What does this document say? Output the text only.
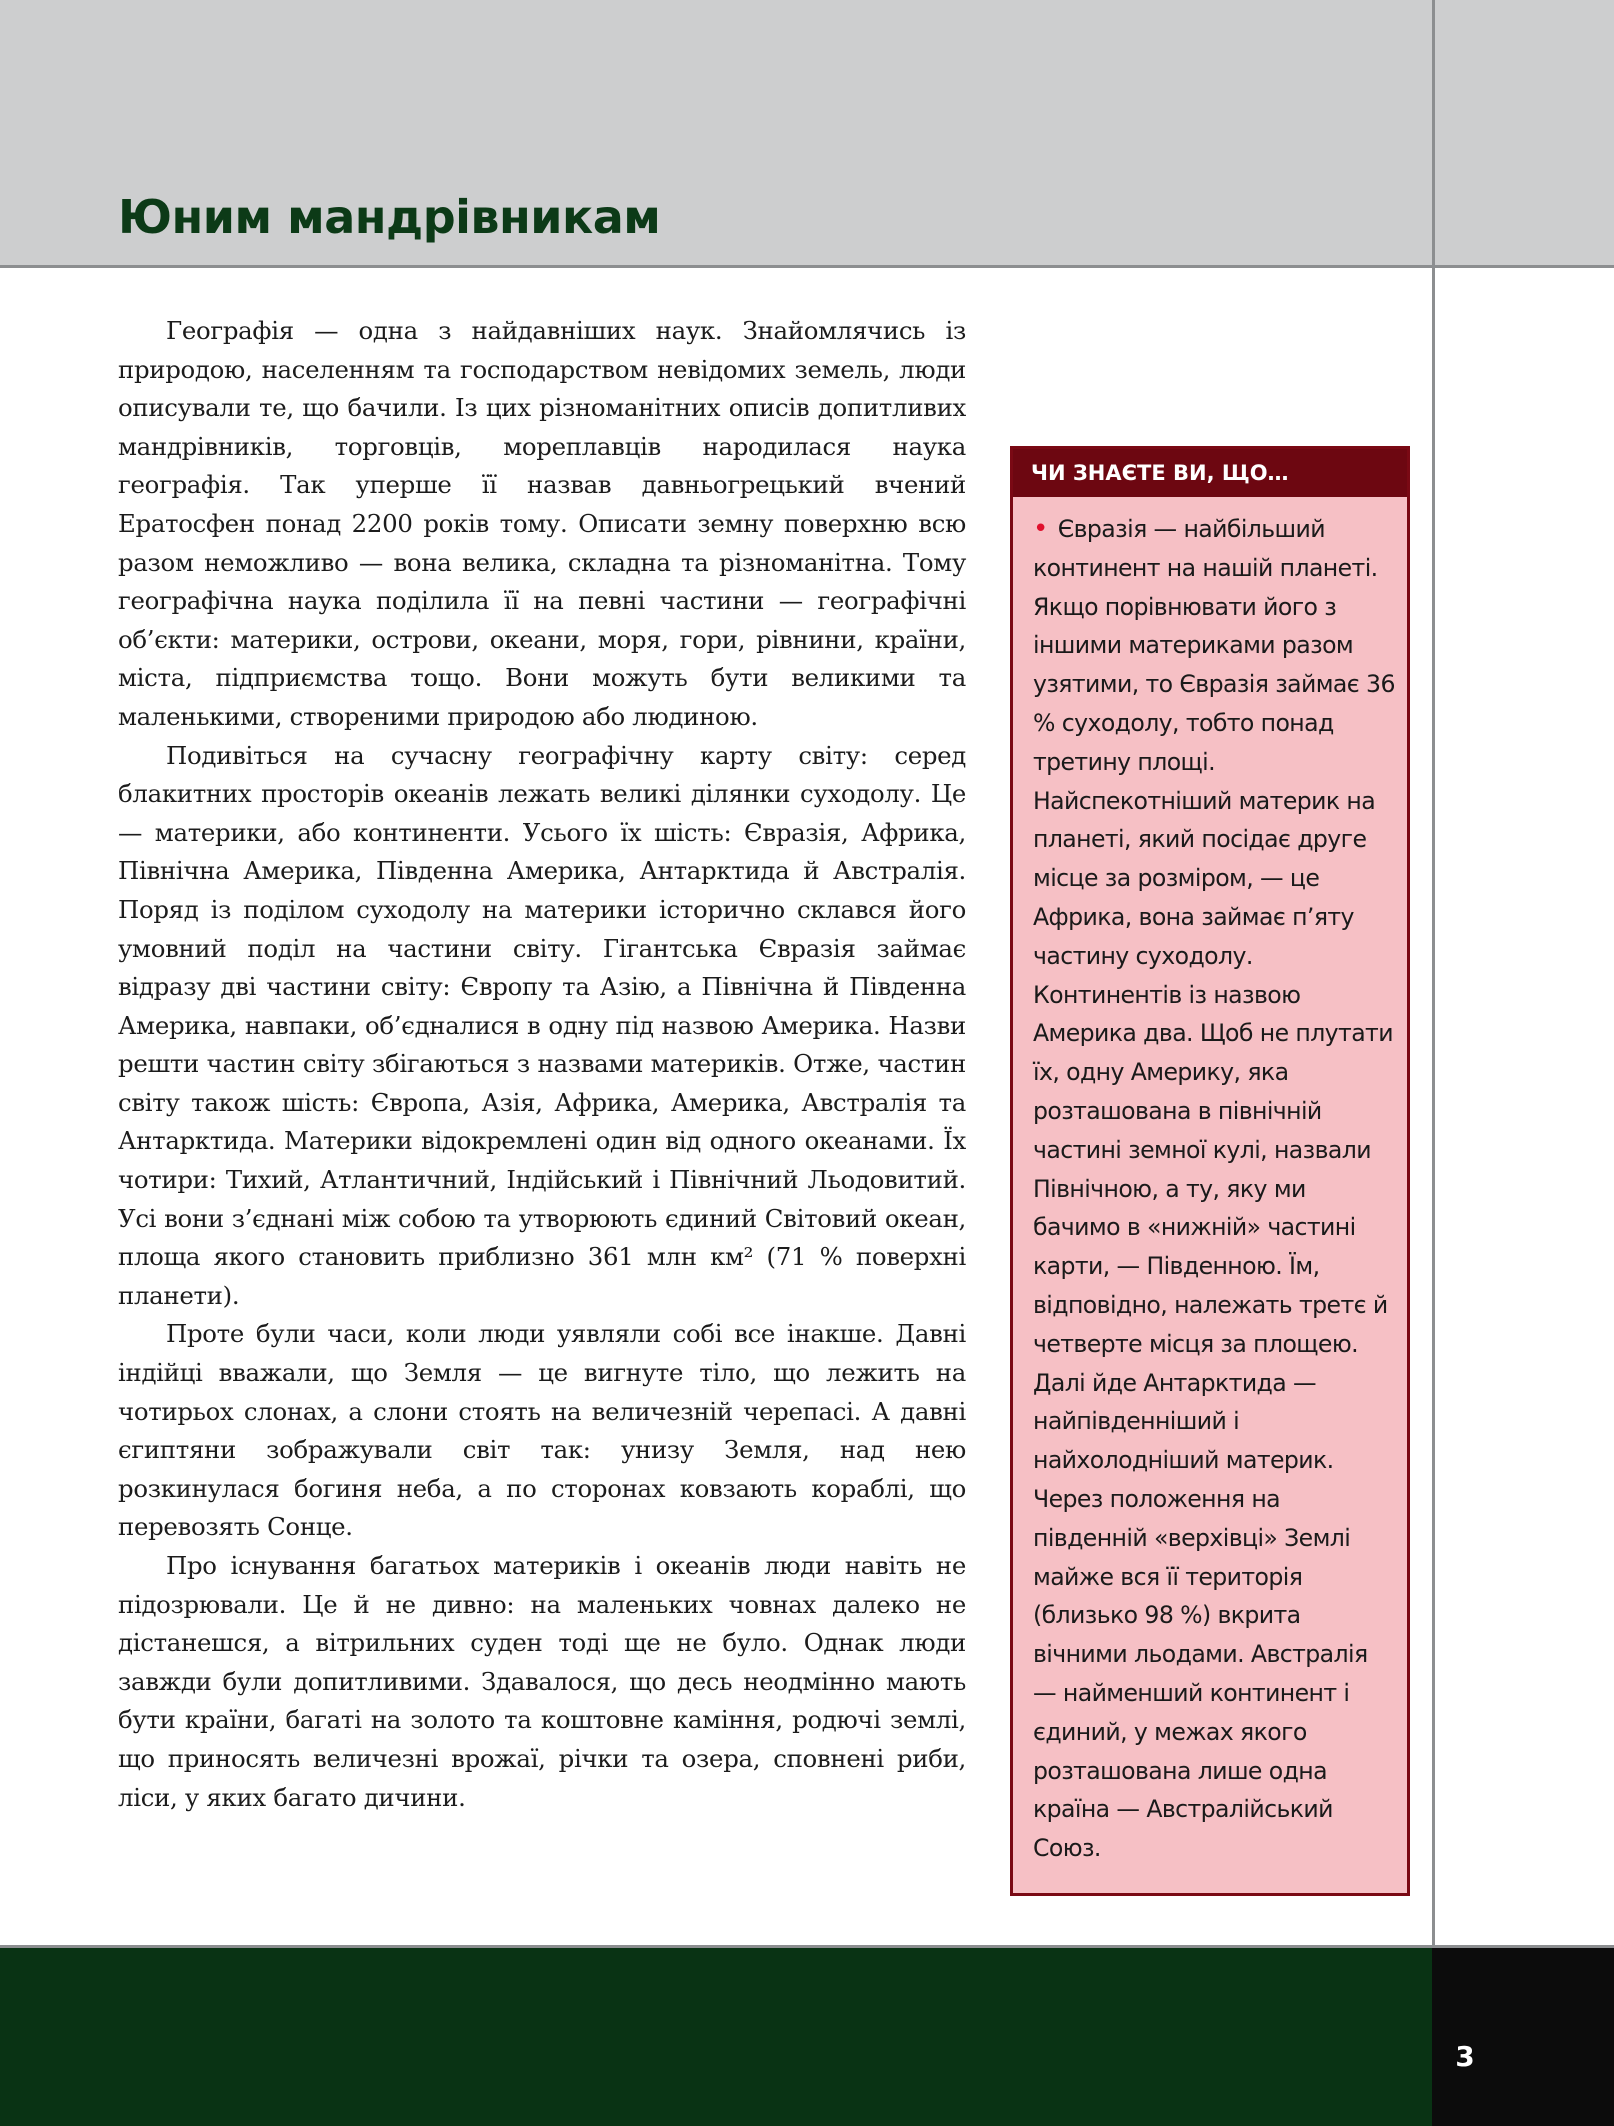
Юним мандрівникам

Географія — одна з найдавніших наук. Знайомлячись із природою, населенням та господарством невідомих земель, люди описували те, що бачили. Із цих різноманітних описів допитливих мандрівників, торговців, мореплавців народилася наука географія. Так уперше її назвав давньогрецький вчений Ератосфен понад 2200 років тому. Описати земну поверхню всю разом неможливо — вона велика, складна та різноманітна. Тому географічна наука поділила її на певні частини — географічні об’єкти: материки, острови, океани, моря, гори, рівнини, країни, міста, підприємства тощо. Вони можуть бути великими та маленькими, створеними природою або людиною.

Подивіться на сучасну географічну карту світу: серед блакитних просторів океанів лежать великі ділянки суходолу. Це — материки, або континенти. Усього їх шість: Євразія, Африка, Північна Америка, Південна Америка, Антарктида й Австралія. Поряд із поділом суходолу на материки історично склався його умовний поділ на частини світу. Гігантська Євразія займає відразу дві частини світу: Європу та Азію, а Північна й Південна Америка, навпаки, об’єдналися в одну під назвою Америка. Назви решти частин світу збігаються з назвами материків. Отже, частин світу також шість: Європа, Азія, Африка, Америка, Австралія та Антарктида. Материки відокремлені один від одного океанами. Їх чотири: Тихий, Атлантичний, Індійський і Північний Льодовитий. Усі вони з’єднані між собою та утворюють єдиний Світовий океан, площа якого становить приблизно 361 млн км² (71 % поверхні планети).

Проте були часи, коли люди уявляли собі все інакше. Давні індійці вважали, що Земля — це вигнуте тіло, що лежить на чотирьох слонах, а слони стоять на величезній черепасі. А давні єгиптяни зображували світ так: унизу Земля, над нею розкинулася богиня неба, а по сторонах ковзають кораблі, що перевозять Сонце.

Про існування багатьох материків і океанів люди навіть не підозрювали. Це й не дивно: на маленьких човнах далеко не дістанешся, а вітрильних суден тоді ще не було. Однак люди завжди були допитливими. Здавалося, що десь неодмінно мають бути країни, багаті на золото та коштовне каміння, родючі землі, що приносять величезні врожаї, річки та озера, сповнені риби, ліси, у яких багато дичини.

ЧИ ЗНАЄТЕ ВИ, ЩО…
• Євразія — найбільший континент на нашій планеті. Якщо порівнювати його з іншими материками разом узятими, то Євразія займає 36 % суходолу, тобто понад третину площі. Найспекотніший материк на планеті, який посідає друге місце за розміром, — це Африка, вона займає п’яту частину суходолу. Континентів із назвою Америка два. Щоб не плутати їх, одну Америку, яка розташована в північній частині земної кулі, назвали Північною, а ту, яку ми бачимо в «нижній» частині карти, — Південною. Їм, відповідно, належать третє й четверте місця за площею. Далі йде Антарктида — найпівденніший і найхолодніший материк. Через положення на південній «верхівці» Землі майже вся її територія (близько 98 %) вкрита вічними льодами. Австралія — найменший континент і єдиний, у межах якого розташована лише одна країна — Австралійський Союз.
3
